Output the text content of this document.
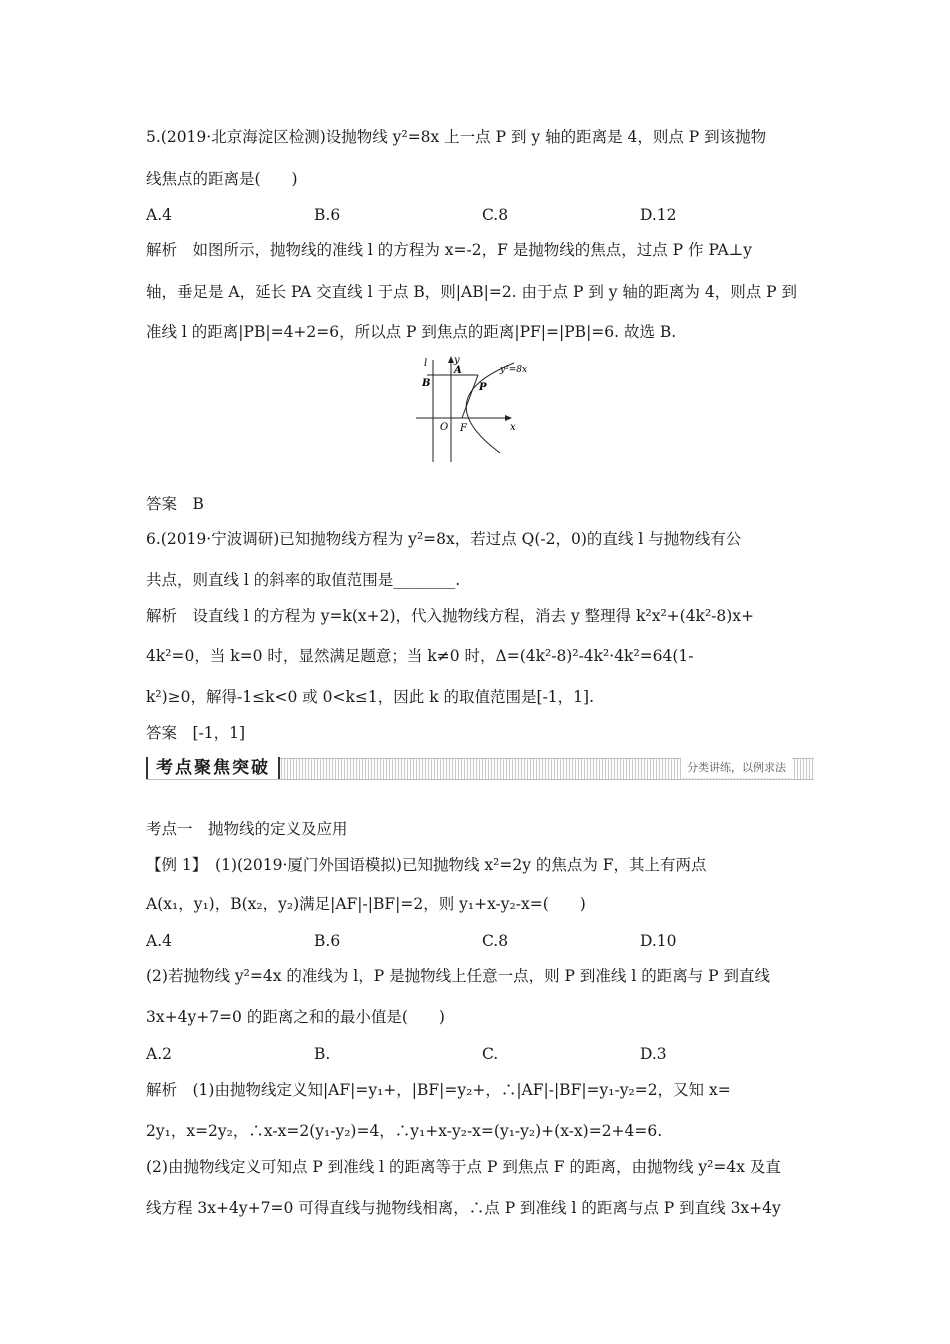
5.(2019·北京海淀区检测)设抛物线 y²=8x 上一点 P 到 y 轴的距离是 4，则点 P 到该抛物
线焦点的距离是(　　)
A.4	B.6	C.8	D.12
解析　如图所示，抛物线的准线 l 的方程为 x=-2，F 是抛物线的焦点，过点 P 作 PA⊥y
轴，垂足是 A，延长 PA 交直线 l 于点 B，则|AB|=2. 由于点 P 到 y 轴的距离为 4，则点 P 到
准线 l 的距离|PB|=4+2=6，所以点 P 到焦点的距离|PF|=|PB|=6. 故选 B.
l	y
y²=8x
A
B	P
O F	x
答案　B
6.(2019·宁波调研)已知抛物线方程为 y²=8x，若过点 Q(-2，0)的直线 l 与抛物线有公
共点，则直线 l 的斜率的取值范围是________.
解析　设直线 l 的方程为 y=k(x+2)，代入抛物线方程，消去 y 整理得 k²x²+(4k²-8)x+
4k²=0，当 k=0 时，显然满足题意；当 k≠0 时，Δ=(4k²-8)²-4k²·4k²=64(1-
k²)≥0，解得-1≤k<0 或 0<k≤1，因此 k 的取值范围是[-1，1].
答案　[-1，1]
考点聚焦突破	分类讲练，以例求法
考点一　抛物线的定义及应用
【例 1】　(1)(2019·厦门外国语模拟)已知抛物线 x²=2y 的焦点为 F，其上有两点
A(x₁，y₁)，B(x₂，y₂)满足|AF|-|BF|=2，则 y₁+x-y₂-x=(　　)
A.4	B.6	C.8	D.10
(2)若抛物线 y²=4x 的准线为 l，P 是抛物线上任意一点，则 P 到准线 l 的距离与 P 到直线
3x+4y+7=0 的距离之和的最小值是(　　)
A.2	B.	C.	D.3
解析　(1)由抛物线定义知|AF|=y₁+，|BF|=y₂+，∴|AF|-|BF|=y₁-y₂=2，又知 x=
2y₁，x=2y₂，∴x-x=2(y₁-y₂)=4，∴y₁+x-y₂-x=(y₁-y₂)+(x-x)=2+4=6.
(2)由抛物线定义可知点 P 到准线 l 的距离等于点 P 到焦点 F 的距离，由抛物线 y²=4x 及直
线方程 3x+4y+7=0 可得直线与抛物线相离，∴点 P 到准线 l 的距离与点 P 到直线 3x+4y
